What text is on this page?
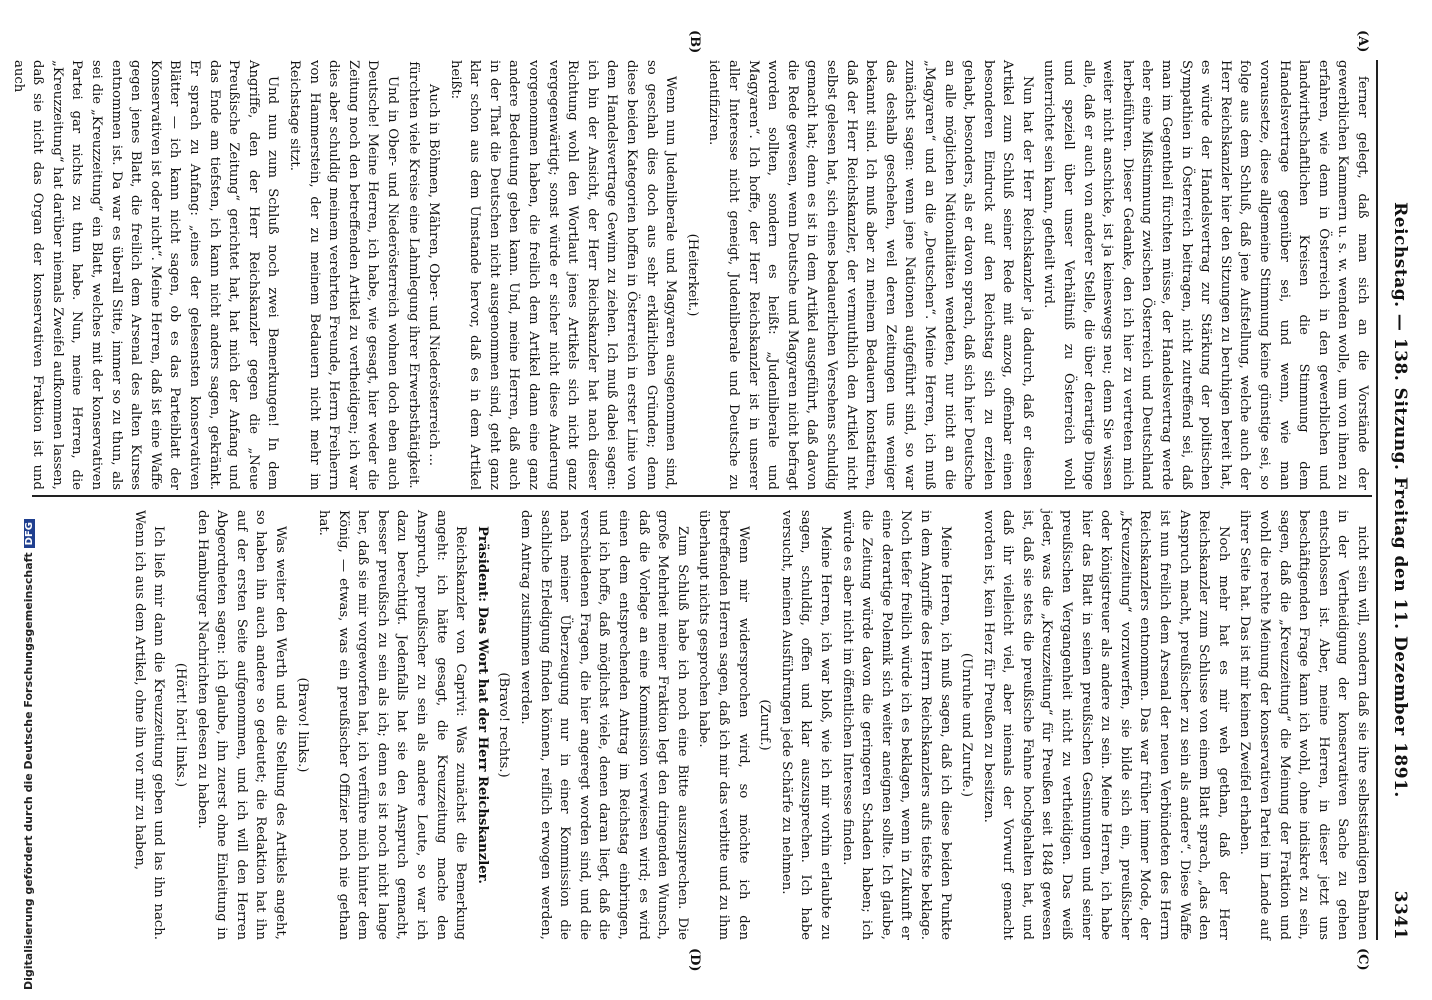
Reichstag. — 138. Sitzung. Freitag den 11. Dezember 1891.
3341
(A)
(B)
(C)
(D)

ferner gelegt, daß man sich an die Vorstände der gewerblichen Kammern u. s. w. wenden wolle, um von ihnen zu erfahren, wie denn in Österreich in den gewerblichen und landwirthschaftlichen Kreisen die Stimmung dem Handelsvertrage gegenüber sei, und wenn, wie man voraussetze, diese allgemeine Stimmung keine günstige sei, so folge aus dem Schluß, daß jene Aufstellung, welche auch der Herr Reichskanzler hier den Sitzungen zu beruhigen bereit hat, es würde der Handelsvertrag zur Stärkung der politischen Sympathien in Österreich beitragen, nicht zutreffend sei, daß man im Gegentheil fürchten müsse, der Handelsvertrag werde eher eine Mißstimmung zwischen Österreich und Deutschland herbeiführen. Dieser Gedanke, den ich hier zu vertreten mich weiter nicht anschicke, ist ja keineswegs neu; denn Sie wissen alle, daß er auch von anderer Stelle, die über derartige Dinge und speziell über unser Verhältniß zu Österreich wohl unterrichtet sein kann, getheilt wird.

Nun hat der Herr Reichskanzler ja dadurch, daß er diesen Artikel zum Schluß seiner Rede mit anzog, offenbar einen besonderen Eindruck auf den Reichstag sich zu erzielen gehabt, besonders, als er davon sprach, daß sich hier Deutsche an alle möglichen Nationalitäten wendeten, nur nicht an die „Magyaren“ und an die „Deutschen“. Meine Herren, ich muß zunächst sagen: wenn jene Nationen aufgeführt sind, so war das deshalb geschehen, weil deren Zeitungen uns weniger bekannt sind. Ich muß aber zu meinem Bedauern konstatiren, daß der Herr Reichskanzler, der vermuthlich den Artikel nicht selbst gelesen hat, sich eines bedauerlichen Versehens schuldig gemacht hat; denn es ist in dem Artikel ausgeführt, daß davon die Rede gewesen, wenn Deutsche und Magyaren nicht befragt worden sollten, sondern es heißt: „Judenliberale und Magyaren“. Ich hoffe, der Herr Reichskanzler ist in unserer aller Interesse nicht geneigt, Judenliberale und Deutsche zu identifiziren.

(Heiterkeit.)

Wenn nun Judenliberale und Magyaren ausgenommen sind, so geschah dies doch aus sehr erklärlichen Gründen; denn diese beiden Kategorien hoffen in Österreich in erster Linie von dem Handelsvertrage Gewinn zu ziehen. Ich muß dabei sagen: ich bin der Ansicht, der Herr Reichskanzler hat nach dieser Richtung wohl den Wortlaut jenes Artikels sich nicht ganz vergegenwärtigt; sonst würde er sicher nicht diese Anderung vorgenommen haben, die freilich dem Artikel dann eine ganz andere Bedeutung geben kann. Und, meine Herren, daß auch in der That die Deutschen nicht ausgenommen sind, geht ganz klar schon aus dem Umstande hervor, daß es in dem Artikel heißt:

Auch in Böhmen, Mähren, Ober- und Niederösterreich ... fürchten viele Kreise eine Lahmlegung ihrer Erwerbsthätigkeit.

Und in Ober- und Niederösterreich wohnen doch eben auch Deutsche! Meine Herren, ich habe, wie gesagt, hier weder die Zeitung noch den betreffenden Artikel zu vertheidigen; ich war dies aber schuldig meinem verehrten Freunde, Herrn Freiherrn von Hammerstein, der zu meinem Bedauern nicht mehr im Reichstage sitzt.

Und nun zum Schluß noch zwei Bemerkungen! In dem Angriffe, den der Herr Reichskanzler gegen die „Neue Preußische Zeitung“ gerichtet hat, hat mich der Anfang und das Ende am tiefsten, ich kann nicht anders sagen, gekränkt. Er sprach zu Anfang: „eines der gelesensten konservativen Blätter — ich kann nicht sagen, ob es das Parteiblatt der Konservativen ist oder nicht“. Meine Herren, daß ist eine Waffe gegen jenes Blatt, die freilich dem Arsenal des alten Kurses entnommen ist. Da war es überall Sitte, immer so zu thun, als sei die „Kreuzzeitung“ ein Blatt, welches mit der konservativen Partei gar nichts zu thun habe. Nun, meine Herren, die „Kreuzzeitung“ hat darüber niemals Zweifel aufkommen lassen, daß sie nicht das Organ der konservativen Fraktion ist und auch

nicht sein will, sondern daß sie ihre selbstständigen Bahnen in der Vertheidigung der konservativen Sache zu gehen entschlossen ist. Aber, meine Herren, in dieser jetzt uns beschäftigenden Frage kann ich wohl, ohne indiskret zu sein, sagen, daß die „Kreuzzeitung“ die Meinung der Fraktion und wohl die rechte Meinung der konservativen Partei im Lande auf ihrer Seite hat. Das ist mir keinen Zweifel erhaben.

Noch mehr hat es mir weh gethan, daß der Herr Reichskanzler zum Schlusse von einem Blatt sprach, „das den Anspruch macht, preußischer zu sein als andere“. Diese Waffe ist nun freilich dem Arsenal der neuen Verbündeten des Herrn Reichskanzlers entnommen. Das war früher immer Mode, der „Kreuzzeitung“ vorzuwerfen, sie bilde sich ein, preußischer oder königstreuer als andere zu sein. Meine Herren, ich habe hier das Blatt in seinen preußischen Gesinnungen und seiner preußischen Vergangenheit nicht zu vertheidigen. Das weiß jeder, was die „Kreuzzeitung“ für Preußen seit 1848 gewesen ist, daß sie stets die preußische Fahne hochgehalten hat, und daß ihr vielleicht viel, aber niemals der Vorwurf gemacht worden ist, kein Herz für Preußen zu besitzen.

(Unruhe und Zurufe.)

Meine Herren, ich muß sagen, daß ich diese beiden Punkte in dem Angriffe des Herrn Reichskanzlers aufs tiefste beklage. Noch tiefer freilich würde ich es beklagen, wenn in Zukunft er eine derartige Polemik sich weiter aneignen sollte. Ich glaube, die Zeitung würde davon die geringeren Schaden haben; ich würde es aber nicht im öffentlichen Interesse finden.

Meine Herren, ich war bloß, wie ich mir vorhin erlaubte zu sagen, schuldig, offen und klar auszusprechen. Ich habe versucht, meinen Ausführungen jede Schärfe zu nehmen.

(Zuruf.)

Wenn mir widersprochen wird, so möchte ich den betreffenden Herren sagen, daß ich mir das verbitte und zu ihm überhaupt nichts gesprochen habe.

Zum Schluß habe ich noch eine Bitte auszusprechen. Die große Mehrheit meiner Fraktion legt den dringenden Wunsch, daß die Vorlage an eine Kommission verwiesen wird; es wird einen dem entsprechenden Antrag im Reichstag einbringen, und ich hoffe, daß möglichst viele, denen daran liegt, daß die verschiedenen Fragen, die hier angeregt worden sind, und die nach meiner Überzeugung nur in einer Kommission die sachliche Erledigung finden können, reiflich erwogen werden, dem Antrag zustimmen werden.

(Bravo! rechts.)

Präsident: Das Wort hat der Herr Reichskanzler.

Reichskanzler von Caprivi: Was zunächst die Bemerkung angeht: ich hätte gesagt, die Kreuzzeitung mache den Anspruch, preußischer zu sein als andere Leute, so war ich dazu berechtigt. Jedenfalls hat sie den Anspruch gemacht, besser preußisch zu sein als ich; denn es ist noch nicht lange her, daß sie mir vorgeworfen hat, ich verführe mich hinter dem König, — etwas, was ein preußischer Offizier noch nie gethan hat.

(Bravo! links.)

Was weiter den Werth und die Stellung des Artikels angeht, so haben ihn auch andere so gedeutet; die Redaktion hat ihn auf der ersten Seite aufgenommen, und ich will den Herren Abgeordneten sagen: ich glaube, ihn zuerst ohne Einleitung in den Hamburger Nachrichten gelesen zu haben.

(Hört! hört! links.)

Ich ließ mir dann die Kreuzzeitung geben und las ihn nach. Wenn ich aus dem Artikel, ohne ihn vor mir zu haben,

Digitalisierung gefördert durch die Deutsche ForschungsgemeinschaftDFG
